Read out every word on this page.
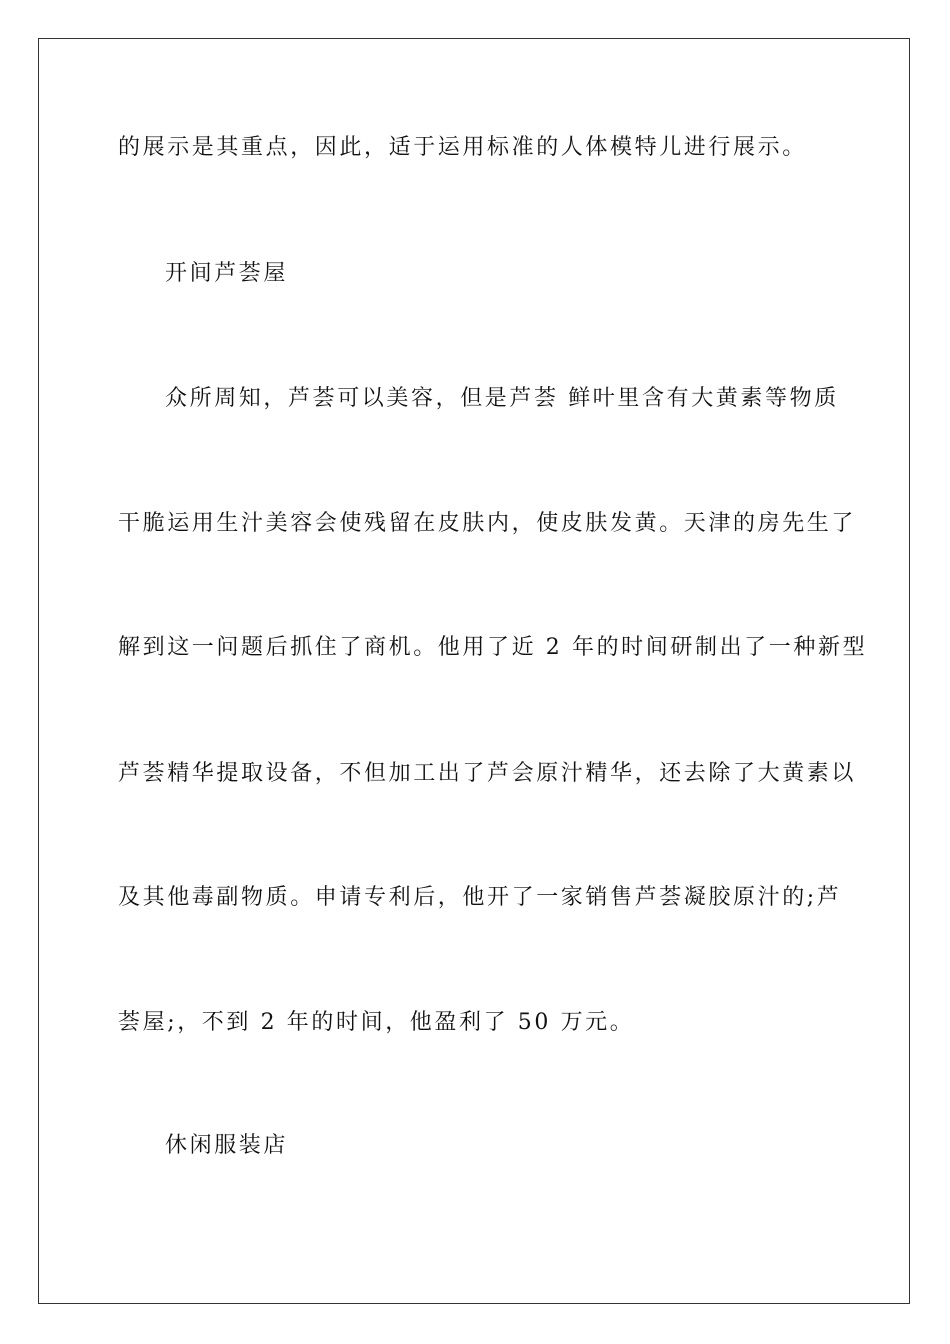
的展示是其重点，因此，适于运用标准的人体模特儿进行展示。
开间芦荟屋
众所周知，芦荟可以美容，但是芦荟 鲜叶里含有大黄素等物质
干脆运用生汁美容会使残留在皮肤内，使皮肤发黄。天津的房先生了
解到这一问题后抓住了商机。他用了近 2 年的时间研制出了一种新型
芦荟精华提取设备，不但加工出了芦会原汁精华，还去除了大黄素以
及其他毒副物质。申请专利后，他开了一家销售芦荟凝胶原汁的;芦
荟屋;，不到 2 年的时间，他盈利了 50 万元。
休闲服装店
